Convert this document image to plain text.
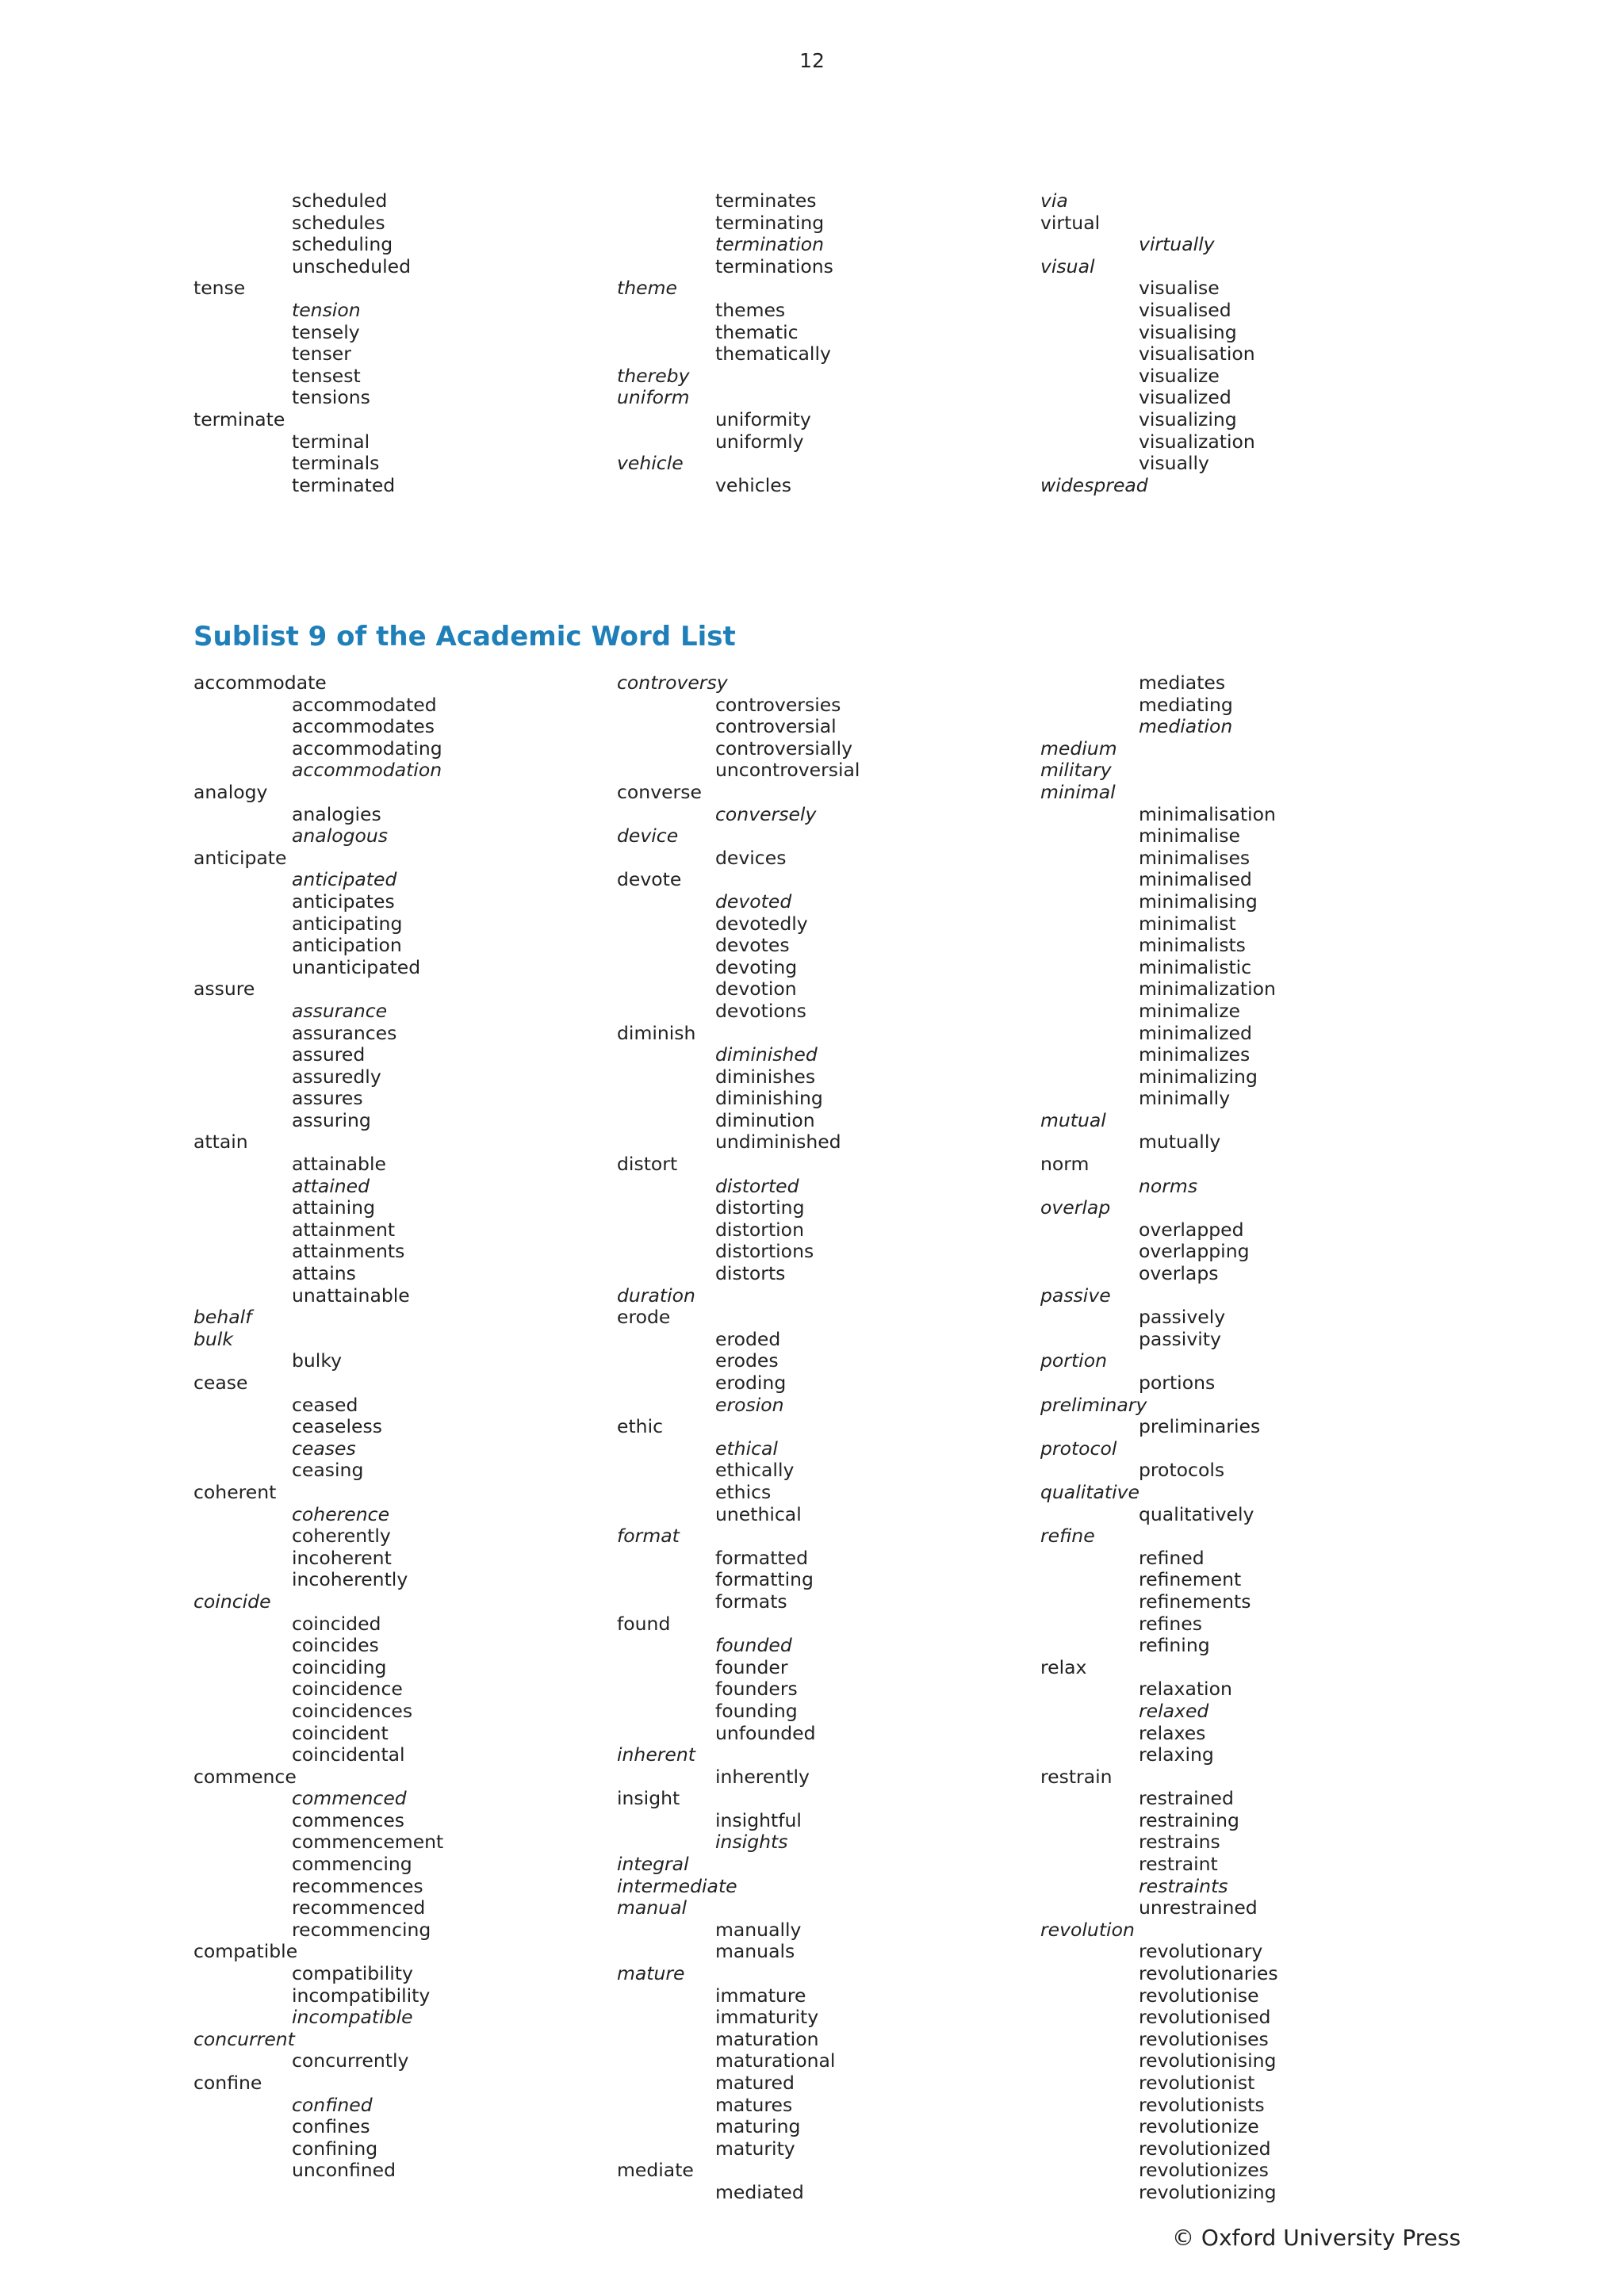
12
scheduled
schedules
scheduling
unscheduled
tense
tension
tensely
tenser
tensest
tensions
terminate
terminal
terminals
terminated
terminates
terminating
termination
terminations
theme
themes
thematic
thematically
thereby
uniform
uniformity
uniformly
vehicle
vehicles
via
virtual
virtually
visual
visualise
visualised
visualising
visualisation
visualize
visualized
visualizing
visualization
visually
widespread
Sublist 9 of the Academic Word List
accommodate
accommodated
accommodates
accommodating
accommodation
analogy
analogies
analogous
anticipate
anticipated
anticipates
anticipating
anticipation
unanticipated
assure
assurance
assurances
assured
assuredly
assures
assuring
attain
attainable
attained
attaining
attainment
attainments
attains
unattainable
behalf
bulk
bulky
cease
ceased
ceaseless
ceases
ceasing
coherent
coherence
coherently
incoherent
incoherently
coincide
coincided
coincides
coinciding
coincidence
coincidences
coincident
coincidental
commence
commenced
commences
commencement
commencing
recommences
recommenced
recommencing
compatible
compatibility
incompatibility
incompatible
concurrent
concurrently
confine
confined
confines
confining
unconfined
controversy
controversies
controversial
controversially
uncontroversial
converse
conversely
device
devices
devote
devoted
devotedly
devotes
devoting
devotion
devotions
diminish
diminished
diminishes
diminishing
diminution
undiminished
distort
distorted
distorting
distortion
distortions
distorts
duration
erode
eroded
erodes
eroding
erosion
ethic
ethical
ethically
ethics
unethical
format
formatted
formatting
formats
found
founded
founder
founders
founding
unfounded
inherent
inherently
insight
insightful
insights
integral
intermediate
manual
manually
manuals
mature
immature
immaturity
maturation
maturational
matured
matures
maturing
maturity
mediate
mediated
mediates
mediating
mediation
medium
military
minimal
minimalisation
minimalise
minimalises
minimalised
minimalising
minimalist
minimalists
minimalistic
minimalization
minimalize
minimalized
minimalizes
minimalizing
minimally
mutual
mutually
norm
norms
overlap
overlapped
overlapping
overlaps
passive
passively
passivity
portion
portions
preliminary
preliminaries
protocol
protocols
qualitative
qualitatively
refine
refined
refinement
refinements
refines
refining
relax
relaxation
relaxed
relaxes
relaxing
restrain
restrained
restraining
restrains
restraint
restraints
unrestrained
revolution
revolutionary
revolutionaries
revolutionise
revolutionised
revolutionises
revolutionising
revolutionist
revolutionists
revolutionize
revolutionized
revolutionizes
revolutionizing
© Oxford University Press
